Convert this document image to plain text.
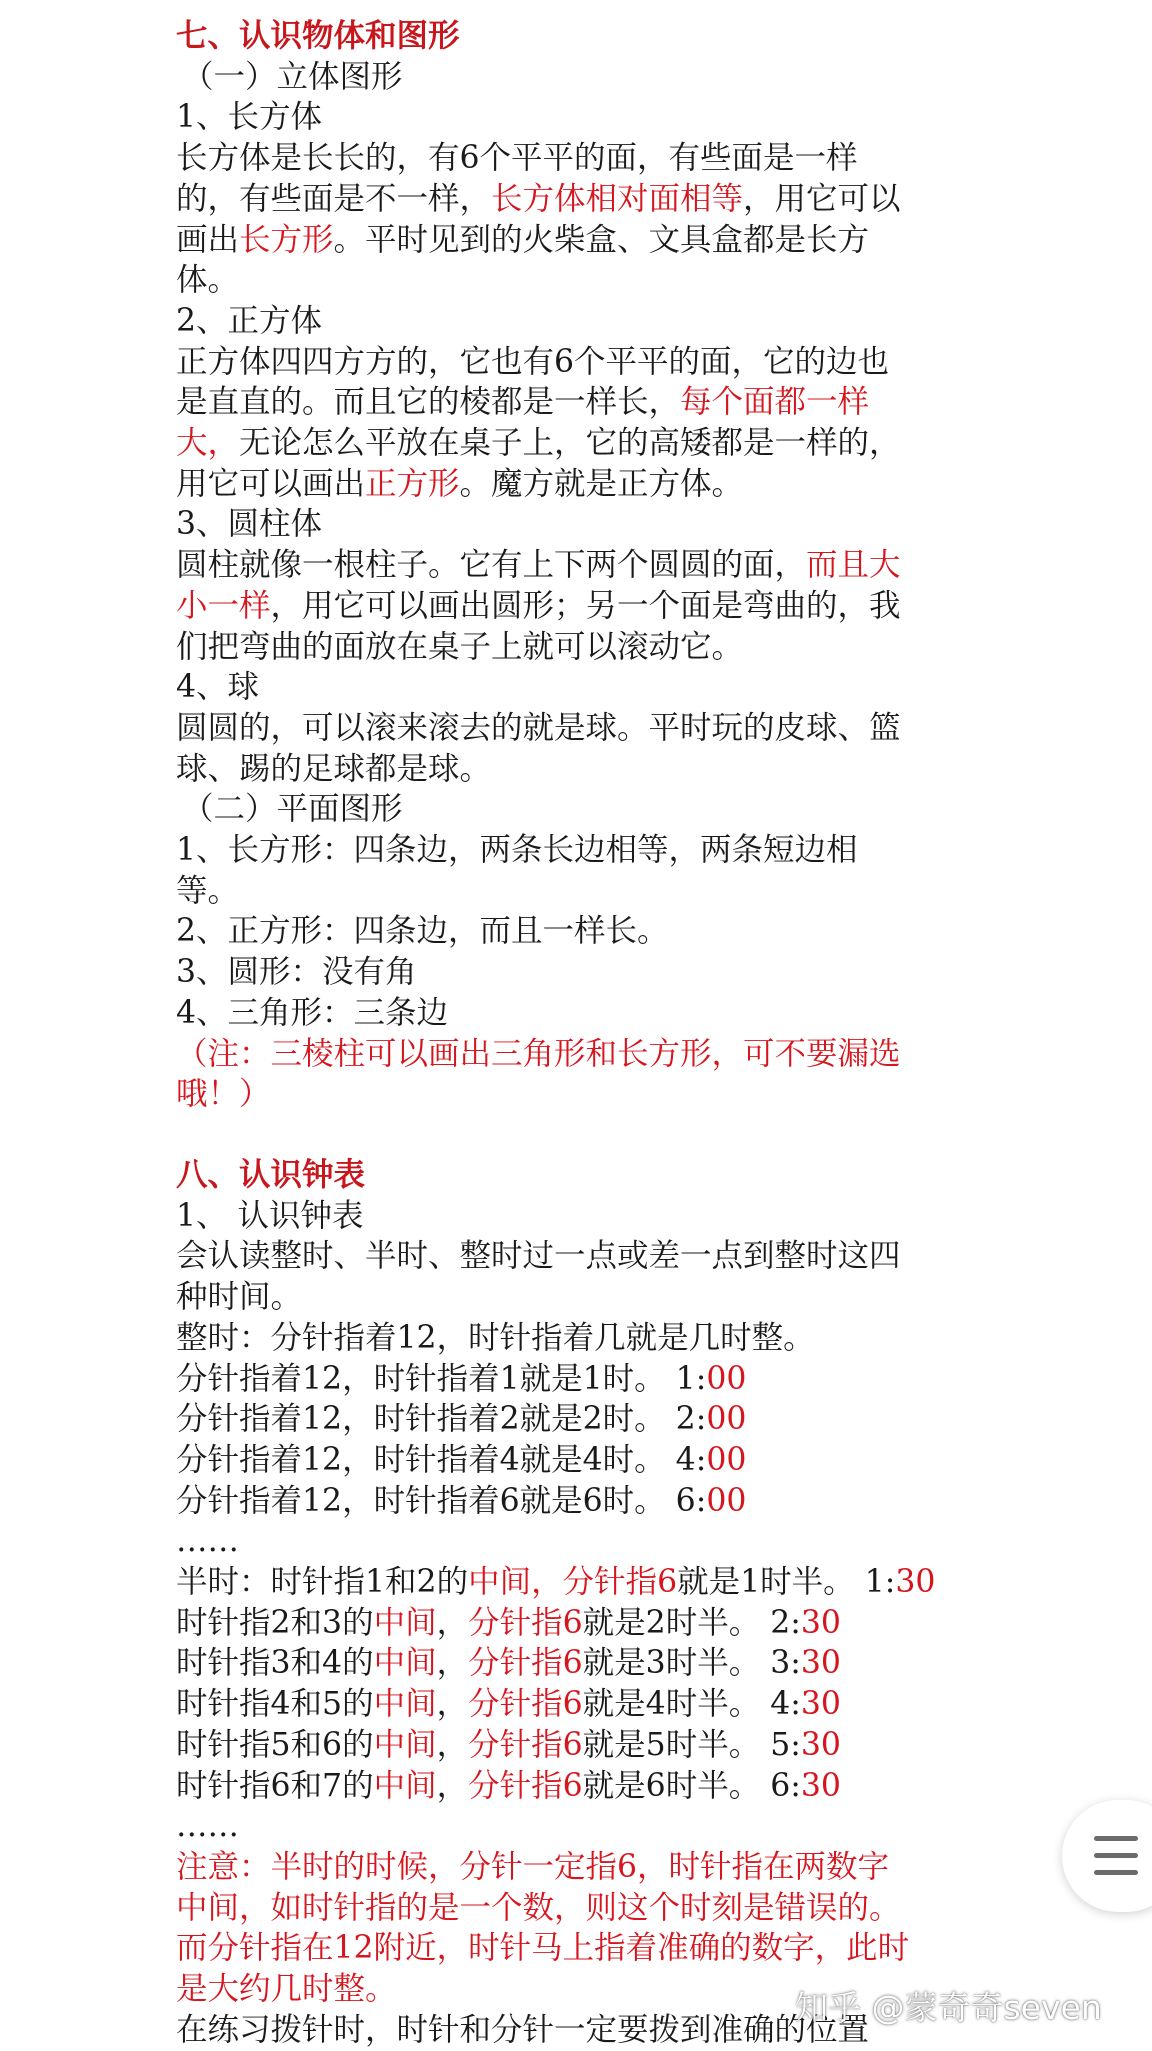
七、认识物体和图形
（一）立体图形
1、长方体
长方体是长长的，有6个平平的面，有些面是一样
的，有些面是不一样，长方体相对面相等，用它可以
画出长方形。平时见到的火柴盒、文具盒都是长方
体。
2、正方体
正方体四四方方的，它也有6个平平的面，它的边也
是直直的。而且它的棱都是一样长，每个面都一样
大，无论怎么平放在桌子上，它的高矮都是一样的，
用它可以画出正方形。魔方就是正方体。
3、圆柱体
圆柱就像一根柱子。它有上下两个圆圆的面，而且大
小一样，用它可以画出圆形；另一个面是弯曲的，我
们把弯曲的面放在桌子上就可以滚动它。
4、球
圆圆的，可以滚来滚去的就是球。平时玩的皮球、篮
球、踢的足球都是球。
（二）平面图形
1、长方形：四条边，两条长边相等，两条短边相
等。
2、正方形：四条边，而且一样长。
3、圆形：没有角
4、三角形：三条边
（注：三棱柱可以画出三角形和长方形，可不要漏选
哦！）
八、认识钟表
1、 认识钟表
会认读整时、半时、整时过一点或差一点到整时这四
种时间。
整时：分针指着12，时针指着几就是几时整。
分针指着12，时针指着1就是1时。 1:00
分针指着12，时针指着2就是2时。 2:00
分针指着12，时针指着4就是4时。 4:00
分针指着12，时针指着6就是6时。 6:00
……
半时：时针指1和2的中间，分针指6就是1时半。 1:30
时针指2和3的中间，分针指6就是2时半。 2:30
时针指3和4的中间，分针指6就是3时半。 3:30
时针指4和5的中间，分针指6就是4时半。 4:30
时针指5和6的中间，分针指6就是5时半。 5:30
时针指6和7的中间，分针指6就是6时半。 6:30
……
注意：半时的时候，分针一定指6，时针指在两数字
中间，如时针指的是一个数，则这个时刻是错误的。
而分针指在12附近，时针马上指着准确的数字，此时
是大约几时整。
在练习拨针时，时针和分针一定要拨到准确的位置
知乎 @蒙奇奇seven
